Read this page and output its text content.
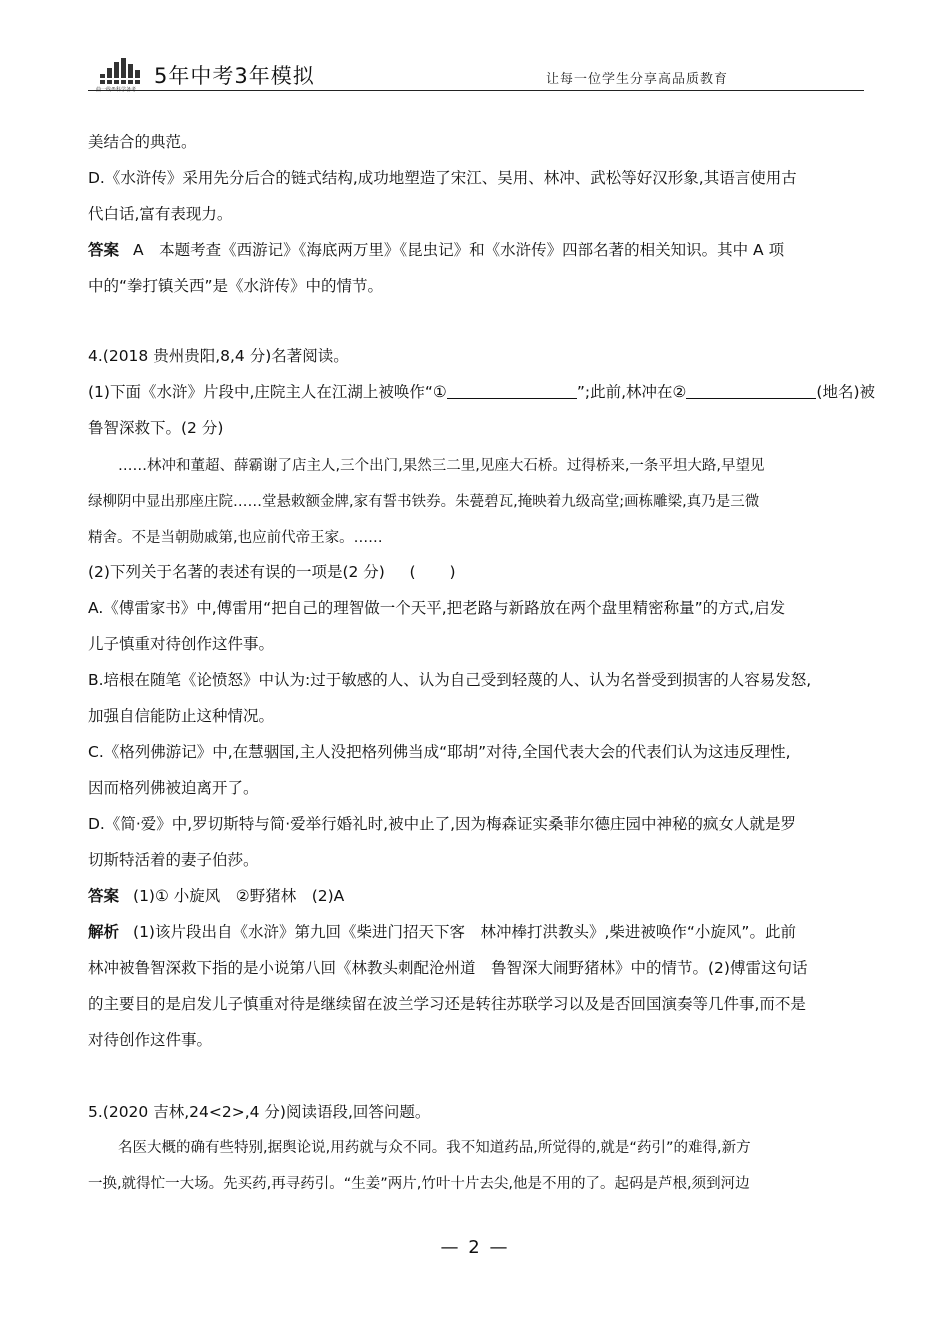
曲一线®科学备考
5年中考3年模拟	让每一位学生分享高品质教育
美结合的典范。
D.《水浒传》采用先分后合的链式结构,成功地塑造了宋江、吴用、林冲、武松等好汉形象,其语言使用古
代白话,富有表现力。
答案 A　本题考查《西游记》《海底两万里》《昆虫记》和《水浒传》四部名著的相关知识。其中 A 项
中的“拳打镇关西”是《水浒传》中的情节。
4.(2018 贵州贵阳,8,4 分)名著阅读。
(1)下面《水浒》片段中,庄院主人在江湖上被唤作“①	”;此前,林冲在②	(地名)被
鲁智深救下。(2 分)
……林冲和董超、薛霸谢了店主人,三个出门,果然三二里,见座大石桥。过得桥来,一条平坦大路,早望见
绿柳阴中显出那座庄院……堂悬敕额金牌,家有誓书铁券。朱甍碧瓦,掩映着九级高堂;画栋雕梁,真乃是三微
精舍。不是当朝勋戚第,也应前代帝王家。……
(2)下列关于名著的表述有误的一项是(2 分) ( )
A.《傅雷家书》中,傅雷用“把自己的理智做一个天平,把老路与新路放在两个盘里精密称量”的方式,启发
儿子慎重对待创作这件事。
B.培根在随笔《论愤怒》中认为:过于敏感的人、认为自己受到轻蔑的人、认为名誉受到损害的人容易发怒,
加强自信能防止这种情况。
C.《格列佛游记》中,在慧骃国,主人没把格列佛当成“耶胡”对待,全国代表大会的代表们认为这违反理性,
因而格列佛被迫离开了。
D.《简·爱》中,罗切斯特与简·爱举行婚礼时,被中止了,因为梅森证实桑菲尔德庄园中神秘的疯女人就是罗
切斯特活着的妻子伯莎。
答案 (1)① 小旋风　②野猪林　(2)A
解析 (1)该片段出自《水浒》第九回《柴进门招天下客　林冲棒打洪教头》,柴进被唤作“小旋风”。此前
林冲被鲁智深救下指的是小说第八回《林教头刺配沧州道　鲁智深大闹野猪林》中的情节。(2)傅雷这句话
的主要目的是启发儿子慎重对待是继续留在波兰学习还是转往苏联学习以及是否回国演奏等几件事,而不是
对待创作这件事。
5.(2020 吉林,24<2>,4 分)阅读语段,回答问题。
名医大概的确有些特别,据舆论说,用药就与众不同。我不知道药品,所觉得的,就是“药引”的难得,新方
一换,就得忙一大场。先买药,再寻药引。“生姜”两片,竹叶十片去尖,他是不用的了。起码是芦根,须到河边
— 2 —
